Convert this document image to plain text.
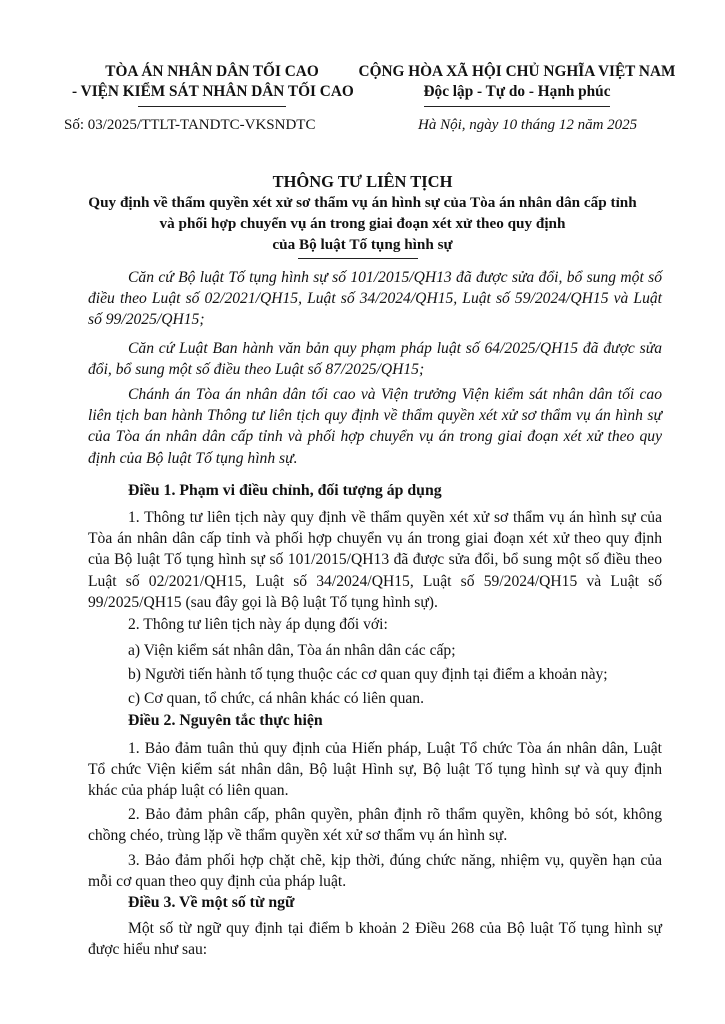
TÒA ÁN NHÂN DÂN TỐI CAO
- VIỆN KIỂM SÁT NHÂN DÂN TỐI CAO
CỘNG HÒA XÃ HỘI CHỦ NGHĨA VIỆT NAM
Độc lập - Tự do - Hạnh phúc
Số: 03/2025/TTLT-TANDTC-VKSNDTC	Hà Nội, ngày 10 tháng 12 năm 2025
THÔNG TƯ LIÊN TỊCH
Quy định về thẩm quyền xét xử sơ thẩm vụ án hình sự của Tòa án nhân dân cấp tỉnh
và phối hợp chuyển vụ án trong giai đoạn xét xử theo quy định
của Bộ luật Tố tụng hình sự
Căn cứ Bộ luật Tố tụng hình sự số 101/2015/QH13 đã được sửa đổi, bổ sung một số điều theo Luật số 02/2021/QH15, Luật số 34/2024/QH15, Luật số 59/2024/QH15 và Luật số 99/2025/QH15;
Căn cứ Luật Ban hành văn bản quy phạm pháp luật số 64/2025/QH15 đã được sửa đổi, bổ sung một số điều theo Luật số 87/2025/QH15;
Chánh án Tòa án nhân dân tối cao và Viện trưởng Viện kiểm sát nhân dân tối cao liên tịch ban hành Thông tư liên tịch quy định về thẩm quyền xét xử sơ thẩm vụ án hình sự của Tòa án nhân dân cấp tỉnh và phối hợp chuyển vụ án trong giai đoạn xét xử theo quy định của Bộ luật Tố tụng hình sự.
Điều 1. Phạm vi điều chỉnh, đối tượng áp dụng
1. Thông tư liên tịch này quy định về thẩm quyền xét xử sơ thẩm vụ án hình sự của Tòa án nhân dân cấp tỉnh và phối hợp chuyển vụ án trong giai đoạn xét xử theo quy định của Bộ luật Tố tụng hình sự số 101/2015/QH13 đã được sửa đổi, bổ sung một số điều theo Luật số 02/2021/QH15, Luật số 34/2024/QH15, Luật số 59/2024/QH15 và Luật số 99/2025/QH15 (sau đây gọi là Bộ luật Tố tụng hình sự).
2. Thông tư liên tịch này áp dụng đối với:
a) Viện kiểm sát nhân dân, Tòa án nhân dân các cấp;
b) Người tiến hành tố tụng thuộc các cơ quan quy định tại điểm a khoản này;
c) Cơ quan, tổ chức, cá nhân khác có liên quan.
Điều 2. Nguyên tắc thực hiện
1. Bảo đảm tuân thủ quy định của Hiến pháp, Luật Tổ chức Tòa án nhân dân, Luật Tổ chức Viện kiểm sát nhân dân, Bộ luật Hình sự, Bộ luật Tố tụng hình sự và quy định khác của pháp luật có liên quan.
2. Bảo đảm phân cấp, phân quyền, phân định rõ thẩm quyền, không bỏ sót, không chồng chéo, trùng lặp về thẩm quyền xét xử sơ thẩm vụ án hình sự.
3. Bảo đảm phối hợp chặt chẽ, kịp thời, đúng chức năng, nhiệm vụ, quyền hạn của mỗi cơ quan theo quy định của pháp luật.
Điều 3. Về một số từ ngữ
Một số từ ngữ quy định tại điểm b khoản 2 Điều 268 của Bộ luật Tố tụng hình sự được hiểu như sau:
